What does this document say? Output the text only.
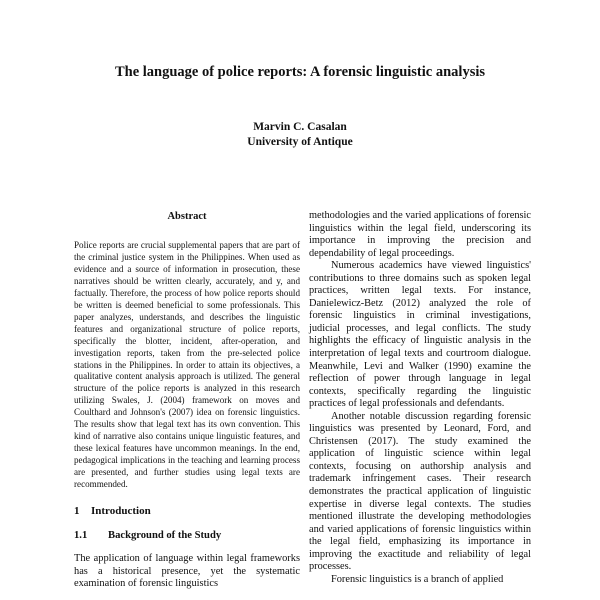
The language of police reports: A forensic linguistic analysis
Marvin C. Casalan
University of Antique
Abstract

Police reports are crucial supplemental papers that are part of the criminal justice system in the Philippines. When used as evidence and a source of information in prosecution, these narratives should be written clearly, accurately, and y, and factually. Therefore, the process of how police reports should be written is deemed beneficial to some professionals. This paper analyzes, understands, and describes the linguistic features and organizational structure of police reports, specifically the blotter, incident, after-operation, and investigation reports, taken from the pre-selected police stations in the Philippines. In order to attain its objectives, a qualitative content analysis approach is utilized. The general structure of the police reports is analyzed in this research utilizing Swales, J. (2004) framework on moves and Coulthard and Johnson's (2007) idea on forensic linguistics. The results show that legal text has its own convention. This kind of narrative also contains unique linguistic features, and these lexical features have uncommon meanings. In the end, pedagogical implications in the teaching and learning process are presented, and further studies using legal texts are recommended.

1 Introduction
1.1 Background of the Study

The application of language within legal frameworks has a historical presence, yet the systematic examination of forensic linguistics

methodologies and the varied applications of forensic linguistics within the legal field, underscoring its importance in improving the precision and dependability of legal proceedings.

Numerous academics have viewed linguistics' contributions to three domains such as spoken legal practices, written legal texts. For instance, Danielewicz-Betz (2012) analyzed the role of forensic linguistics in criminal investigations, judicial processes, and legal conflicts. The study highlights the efficacy of linguistic analysis in the interpretation of legal texts and courtroom dialogue. Meanwhile, Levi and Walker (1990) examine the reflection of power through language in legal contexts, specifically regarding the linguistic practices of legal professionals and defendants.

Another notable discussion regarding forensic linguistics was presented by Leonard, Ford, and Christensen (2017). The study examined the application of linguistic science within legal contexts, focusing on authorship analysis and trademark infringement cases. Their research demonstrates the practical application of linguistic expertise in diverse legal contexts. The studies mentioned illustrate the developing methodologies and varied applications of forensic linguistics within the legal field, emphasizing its importance in improving the exactitude and reliability of legal processes.

Forensic linguistics is a branch of applied
